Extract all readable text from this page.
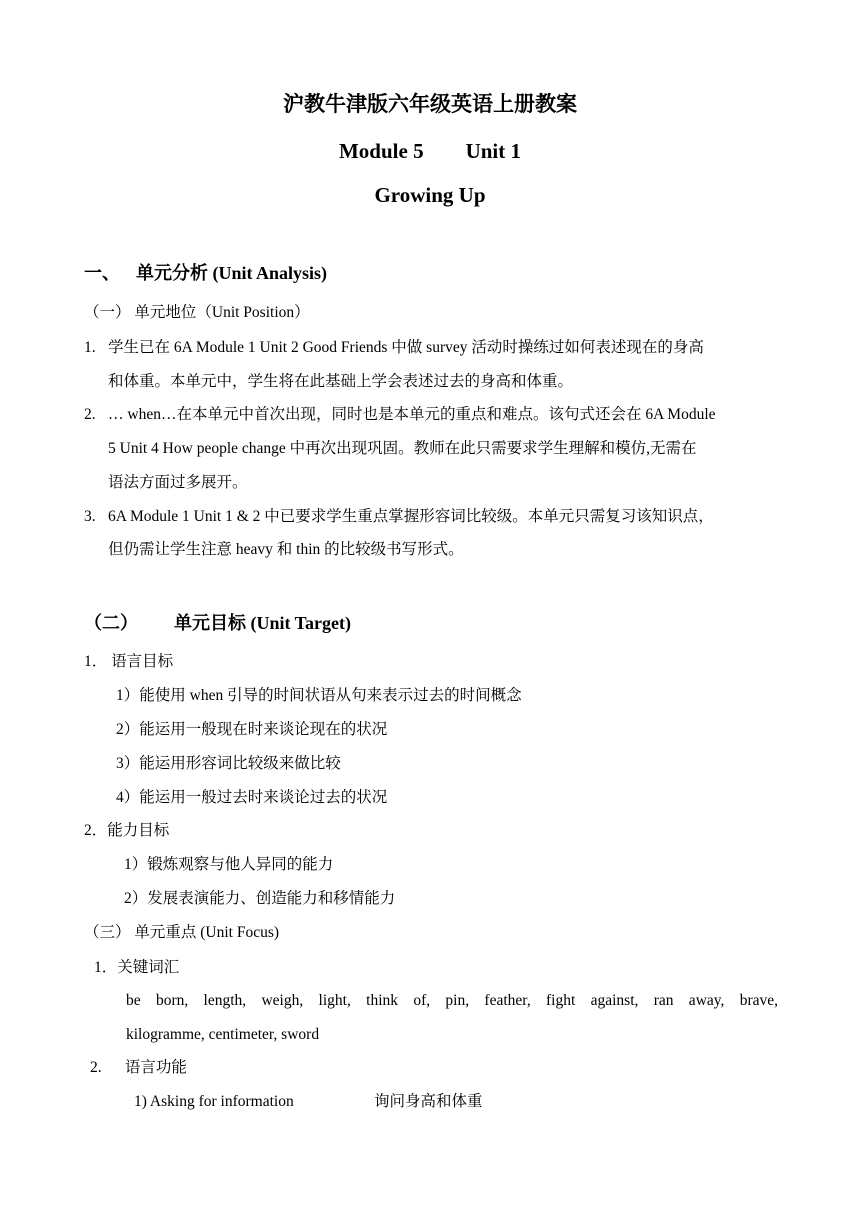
沪教牛津版六年级英语上册教案
Module 5 Unit 1
Growing Up
一、 单元分析 (Unit Analysis)
（一） 单元地位（Unit Position）
1. 学生已在 6A Module 1 Unit 2 Good Friends 中做 survey 活动时操练过如何表述现在的身高
和体重。本单元中，学生将在此基础上学会表述过去的身高和体重。
2. … when…在本单元中首次出现，同时也是本单元的重点和难点。该句式还会在 6A Module
5 Unit 4 How people change 中再次出现巩固。教师在此只需要求学生理解和模仿,无需在
语法方面过多展开。
3. 6A Module 1 Unit 1 & 2 中已要求学生重点掌握形容词比较级。本单元只需复习该知识点，
但仍需让学生注意 heavy 和 thin 的比较级书写形式。
（二） 单元目标 (Unit Target)
1． 语言目标
1）能使用 when 引导的时间状语从句来表示过去的时间概念
2）能运用一般现在时来谈论现在的状况
3）能运用形容词比较级来做比较
4）能运用一般过去时来谈论过去的状况
2．能力目标
1）锻炼观察与他人异同的能力
2）发展表演能力、创造能力和移情能力
（三） 单元重点 (Unit Focus)
1．关键词汇
be born, length, weigh, light, think of, pin, feather, fight against, ran away, brave,
kilogramme, centimeter, sword
2.      语言功能
1) Asking for information	询问身高和体重
